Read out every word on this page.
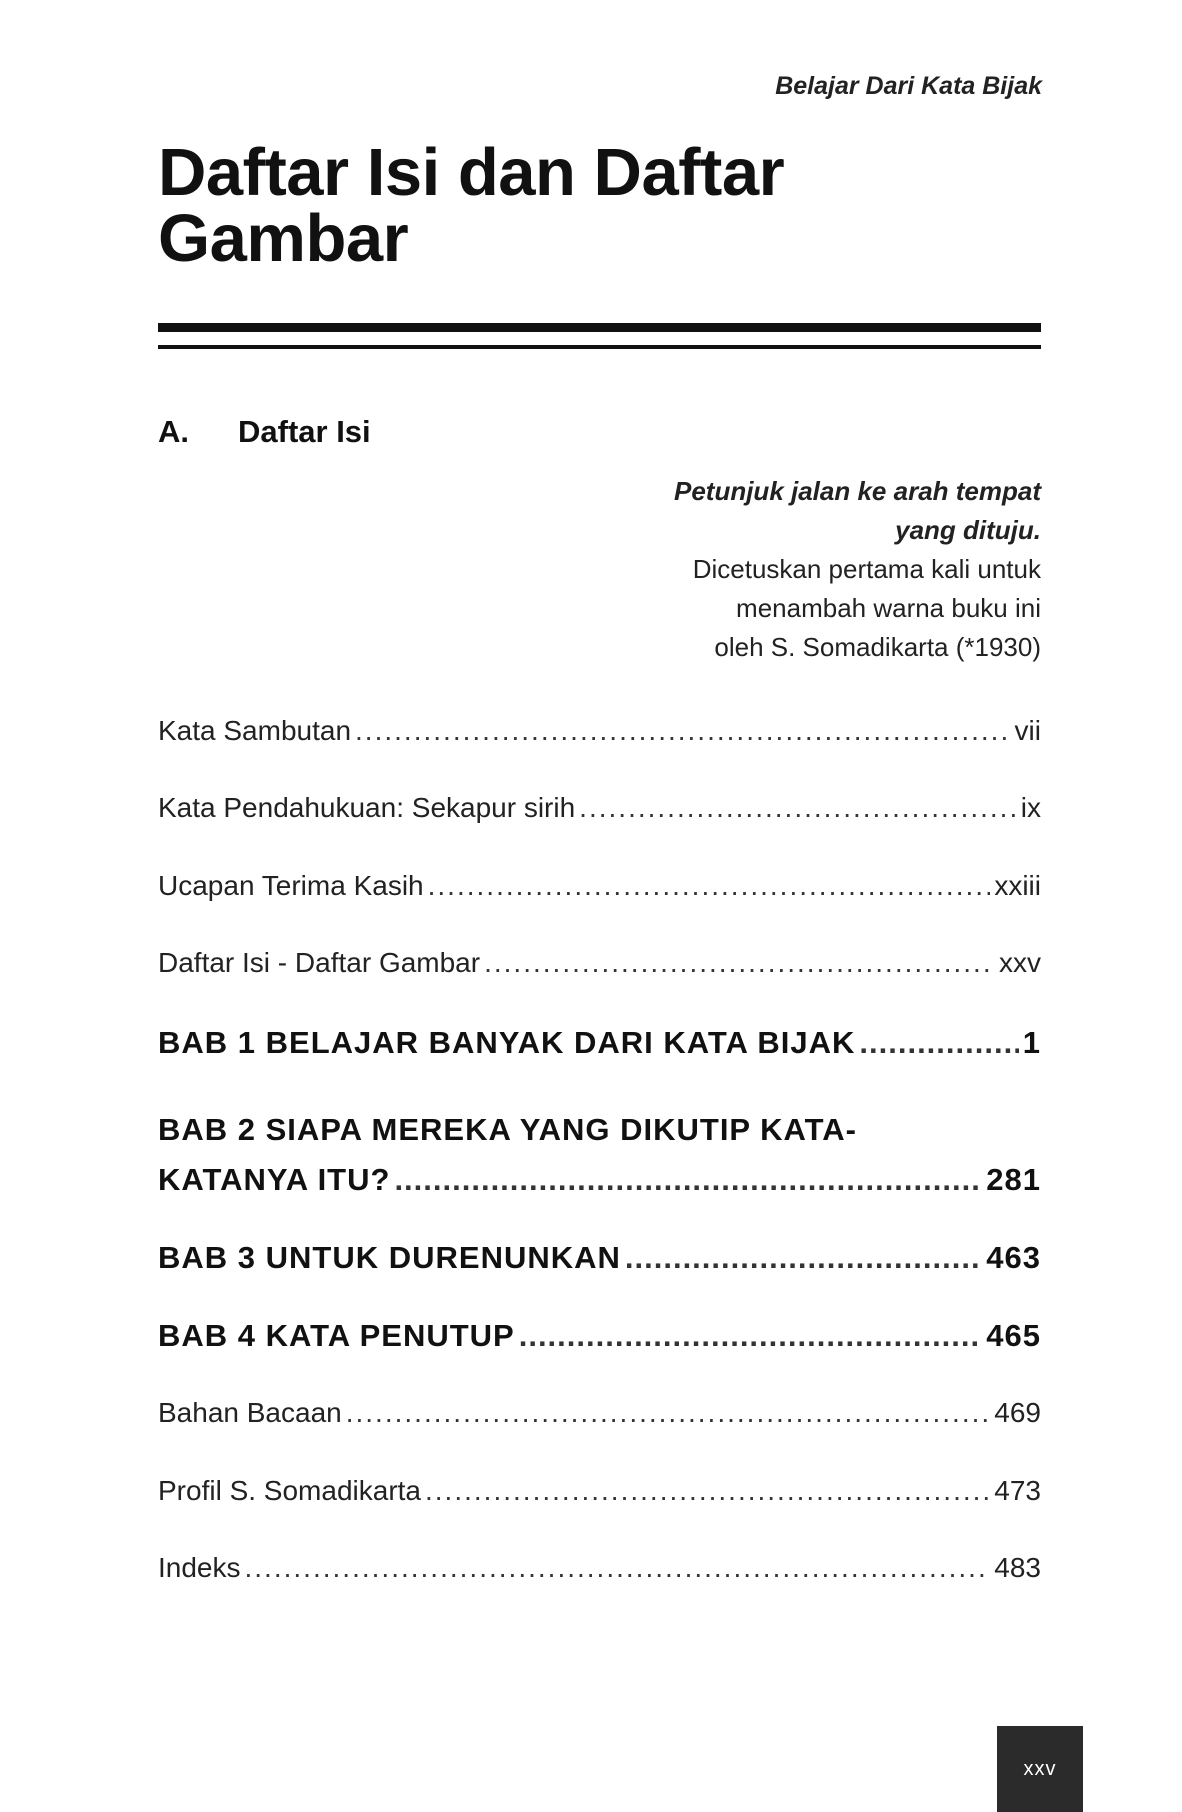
Belajar Dari Kata Bijak
Daftar Isi dan Daftar Gambar
A. Daftar Isi
Petunjuk jalan ke arah tempat
yang dituju.
Dicetuskan pertama kali untuk
menambah warna buku ini
oleh S. Somadikarta (*1930)
Kata Sambutan .....	vii
Kata Pendahukuan: Sekapur sirih .....	ix
Ucapan Terima Kasih .....	xxiii
Daftar Isi - Daftar Gambar .....	xxv
BAB 1 BELAJAR BANYAK DARI KATA BIJAK .....	1
BAB 2 SIAPA MEREKA YANG DIKUTIP KATA-
KATANYA ITU? .....	281
BAB 3 UNTUK DURENUNKAN .....	463
BAB 4 KATA PENUTUP .....	465
Bahan Bacaan .....	469
Profil S. Somadikarta .....	473
Indeks .....	483
xxv
